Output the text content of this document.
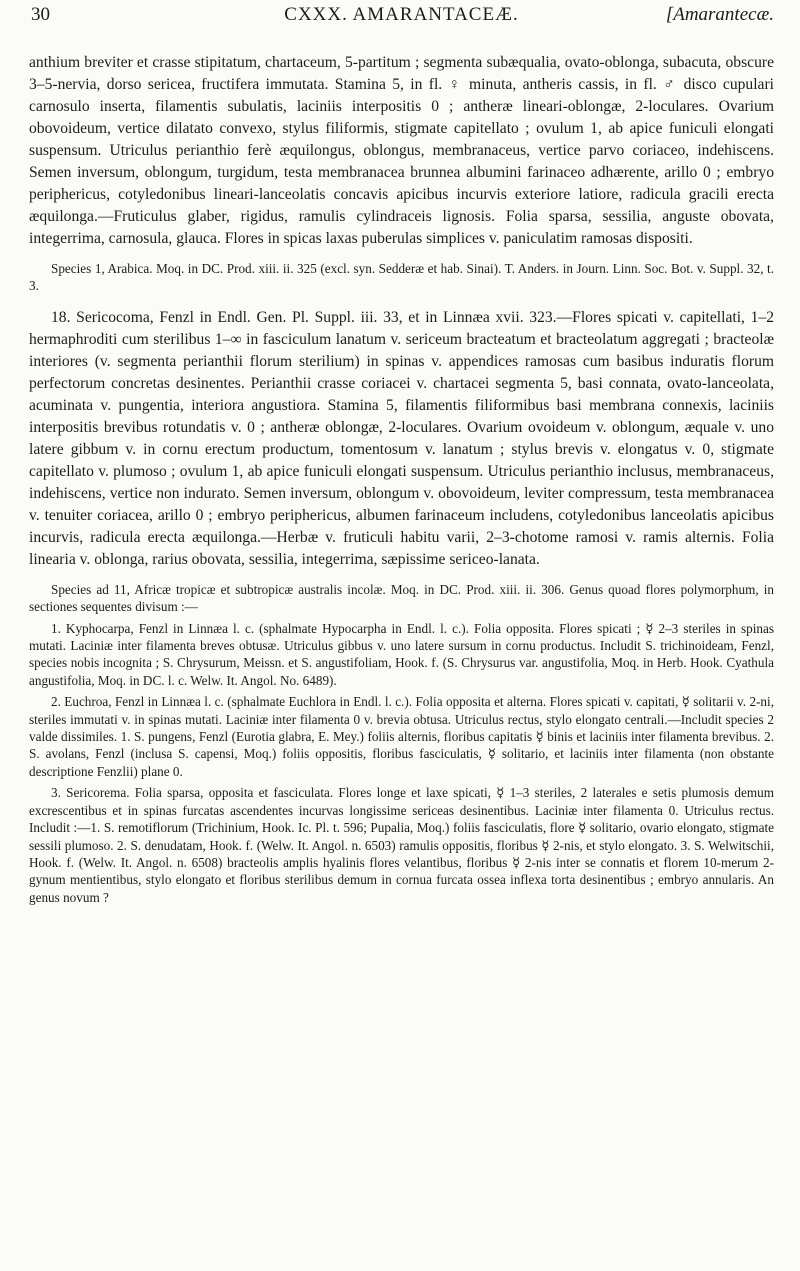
30	CXXX. AMARANTACEÆ.	[Amarantecæ.

anthium breviter et crasse stipitatum, chartaceum, 5-partitum ; segmenta subæqualia, ovato-oblonga, subacuta, obscure 3–5-nervia, dorso sericea, fructifera immutata. Stamina 5, in fl. ♀ minuta, antheris cassis, in fl. ♂ disco cupulari carnosulo inserta, filamentis subulatis, laciniis interpositis 0 ; antheræ lineari-oblongæ, 2-loculares. Ovarium obovoideum, vertice dilatato convexo, stylus filiformis, stigmate capitellato ; ovulum 1, ab apice funiculi elongati suspensum. Utriculus perianthio ferè æquilongus, oblongus, membranaceus, vertice parvo coriaceo, indehiscens. Semen inversum, oblongum, turgidum, testa membranacea brunnea albumini farinaceo adhærente, arillo 0 ; embryo periphericus, cotyledonibus lineari-lanceolatis concavis apicibus incurvis exteriore latiore, radicula gracili erecta æquilonga.—Fruticulus glaber, rigidus, ramulis cylindraceis lignosis. Folia sparsa, sessilia, anguste obovata, integerrima, carnosula, glauca. Flores in spicas laxas puberulas simplices v. paniculatim ramosas dispositi.

Species 1, Arabica. Moq. in DC. Prod. xiii. ii. 325 (excl. syn. Sedderæ et hab. Sinai). T. Anders. in Journ. Linn. Soc. Bot. v. Suppl. 32, t. 3.

18. Sericocoma, Fenzl in Endl. Gen. Pl. Suppl. iii. 33, et in Linnæa xvii. 323.—Flores spicati v. capitellati, 1–2 hermaphroditi cum sterilibus 1–∞ in fasciculum lanatum v. sericeum bracteatum et bracteolatum aggregati ; bracteolæ interiores (v. segmenta perianthii florum sterilium) in spinas v. appendices ramosas cum basibus induratis florum perfectorum concretas desinentes. Perianthii crasse coriacei v. chartacei segmenta 5, basi connata, ovato-lanceolata, acuminata v. pungentia, interiora angustiora. Stamina 5, filamentis filiformibus basi membrana connexis, laciniis interpositis brevibus rotundatis v. 0 ; antheræ oblongæ, 2-loculares. Ovarium ovoideum v. oblongum, æquale v. uno latere gibbum v. in cornu erectum productum, tomentosum v. lanatum ; stylus brevis v. elongatus v. 0, stigmate capitellato v. plumoso ; ovulum 1, ab apice funiculi elongati suspensum. Utriculus perianthio inclusus, membranaceus, indehiscens, vertice non indurato. Semen inversum, oblongum v. obovoideum, leviter compressum, testa membranacea v. tenuiter coriacea, arillo 0 ; embryo periphericus, albumen farinaceum includens, cotyledonibus lanceolatis apicibus incurvis, radicula erecta æquilonga.—Herbæ v. fruticuli habitu varii, 2–3-chotome ramosi v. ramis alternis. Folia linearia v. oblonga, rarius obovata, sessilia, integerrima, sæpissime sericeo-lanata.

Species ad 11, Africæ tropicæ et subtropicæ australis incolæ. Moq. in DC. Prod. xiii. ii. 306. Genus quoad flores polymorphum, in sectiones sequentes divisum :—

1. Kyphocarpa, Fenzl in Linnæa l. c. (sphalmate Hypocarpha in Endl. l. c.). Folia opposita. Flores spicati ; ☿ 2–3 steriles in spinas mutati. Laciniæ inter filamenta breves obtusæ. Utriculus gibbus v. uno latere sursum in cornu productus. Includit S. trichinoideam, Fenzl, species nobis incognita ; S. Chrysurum, Meissn. et S. angustifoliam, Hook. f. (S. Chrysurus var. angustifolia, Moq. in Herb. Hook. Cyathula angustifolia, Moq. in DC. l. c. Welw. It. Angol. No. 6489).

2. Euchroa, Fenzl in Linnæa l. c. (sphalmate Euchlora in Endl. l. c.). Folia opposita et alterna. Flores spicati v. capitati, ☿ solitarii v. 2-ni, steriles immutati v. in spinas mutati. Laciniæ inter filamenta 0 v. brevia obtusa. Utriculus rectus, stylo elongato centrali.—Includit species 2 valde dissimiles. 1. S. pungens, Fenzl (Eurotia glabra, E. Mey.) foliis alternis, floribus capitatis ☿ binis et laciniis inter filamenta brevibus. 2. S. avolans, Fenzl (inclusa S. capensi, Moq.) foliis oppositis, floribus fasciculatis, ☿ solitario, et laciniis inter filamenta (non obstante descriptione Fenzlii) plane 0.

3. Sericorema. Folia sparsa, opposita et fasciculata. Flores longe et laxe spicati, ☿ 1–3 steriles, 2 laterales e setis plumosis demum excrescentibus et in spinas furcatas ascendentes incurvas longissime sericeas desinentibus. Laciniæ inter filamenta 0. Utriculus rectus. Includit :—1. S. remotiflorum (Trichinium, Hook. Ic. Pl. t. 596; Pupalia, Moq.) foliis fasciculatis, flore ☿ solitario, ovario elongato, stigmate sessili plumoso. 2. S. denudatam, Hook. f. (Welw. It. Angol. n. 6503) ramulis oppositis, floribus ☿ 2-nis, et stylo elongato. 3. S. Welwitschii, Hook. f. (Welw. It. Angol. n. 6508) bracteolis amplis hyalinis flores velantibus, floribus ☿ 2-nis inter se connatis et florem 10-merum 2-gynum mentientibus, stylo elongato et floribus sterilibus demum in cornua furcata ossea inflexa torta desinentibus ; embryo annularis. An genus novum ?
